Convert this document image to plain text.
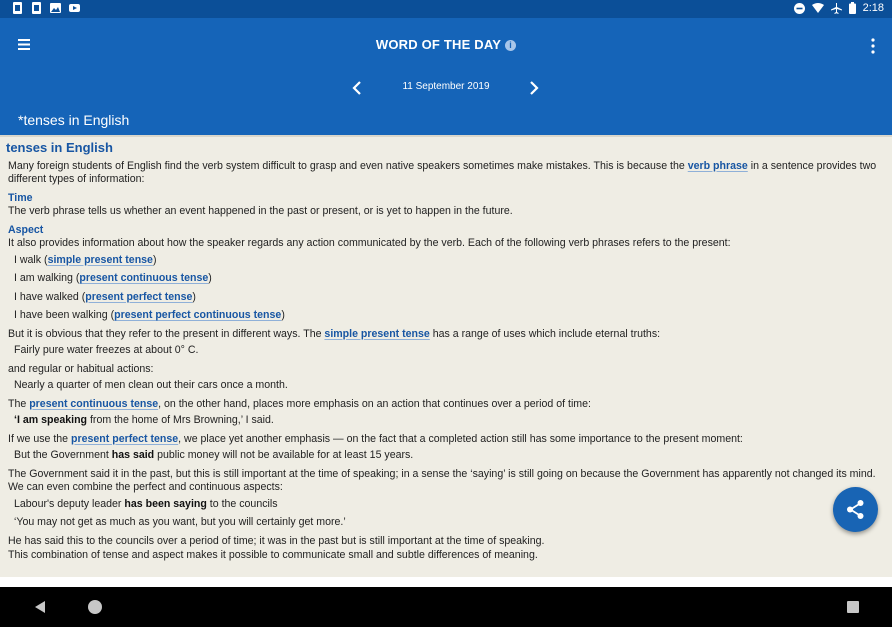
2:18
WORD OF THE DAY i
11 September 2019
*tenses in English
tenses in English

Many foreign students of English find the verb system difficult to grasp and even native speakers sometimes make mistakes. This is because the verb phrase in a sentence provides two different types of information:

Time

The verb phrase tells us whether an event happened in the past or present, or is yet to happen in the future.

Aspect

It also provides information about how the speaker regards any action communicated by the verb. Each of the following verb phrases refers to the present:

I walk (simple present tense)

I am walking (present continuous tense)

I have walked (present perfect tense)

I have been walking (present perfect continuous tense)

But it is obvious that they refer to the present in different ways. The simple present tense has a range of uses which include eternal truths:

Fairly pure water freezes at about 0° C.

and regular or habitual actions:

Nearly a quarter of men clean out their cars once a month.

The present continuous tense, on the other hand, places more emphasis on an action that continues over a period of time:

‘I am speaking from the home of Mrs Browning,’ I said.

If we use the present perfect tense, we place yet another emphasis — on the fact that a completed action still has some importance to the present moment:

But the Government has said public money will not be available for at least 15 years.

The Government said it in the past, but this is still important at the time of speaking; in a sense the ‘saying’ is still going on because the Government has apparently not changed its mind. We can even combine the perfect and continuous aspects:

Labour's deputy leader has been saying to the councils

‘You may not get as much as you want, but you will certainly get more.’

He has said this to the councils over a period of time; it was in the past but is still important at the time of speaking.

This combination of tense and aspect makes it possible to communicate small and subtle differences of meaning.
